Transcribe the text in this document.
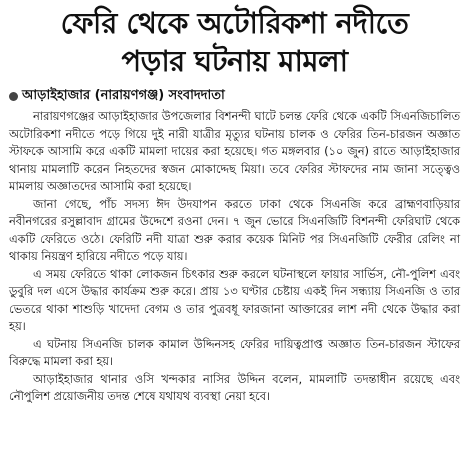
ফেরি থেকে অটোরিকশা নদীতে
পড়ার ঘটনায় মামলা
আড়াইহাজার (নারায়ণগঞ্জ) সংবাদদাতা

নারায়ণগঞ্জের আড়াইহাজার উপজেলার বিশনন্দী ঘাটে চলন্ত ফেরি থেকে একটি সিএনজিচালিত অটোরিকশা নদীতে পড়ে গিয়ে দুই নারী যাত্রীর মৃত্যুর ঘটনায় চালক ও ফেরির তিন-চারজন অজ্ঞাত স্টাফকে আসামি করে একটি মামলা দায়ের করা হয়েছে। গত মঙ্গলবার (১০ জুন) রাতে আড়াইহাজার থানায় মামলাটি করেন নিহতদের স্বজন মোকাদ্দেছ মিয়া। তবে ফেরির স্টাফদের নাম জানা সত্ত্বেও মামলায় অজ্ঞাতদের আসামি করা হয়েছে।

জানা গেছে, পাঁচ সদস্য ঈদ উদযাপন করতে ঢাকা থেকে সিএনজি করে ব্রাহ্মণবাড়িয়ার নবীনগরের রসুল্লাবাদ গ্রামের উদ্দেশে রওনা দেন। ৭ জুন ভোরে সিএনজিটি বিশনন্দী ফেরিঘাট থেকে একটি ফেরিতে ওঠে। ফেরিটি নদী যাত্রা শুরু করার কয়েক মিনিট পর সিএনজিটি ফেরীর রেলিং না থাকায় নিয়ন্ত্রণ হারিয়ে নদীতে পড়ে যায়।

এ সময় ফেরিতে থাকা লোকজন চিৎকার শুরু করলে ঘটনাস্থলে ফায়ার সার্ভিস, নৌ-পুলিশ এবং ডুবুরি দল এসে উদ্ধার কার্যক্রম শুরু করে। প্রায় ১৩ ঘণ্টার চেষ্টায় একই দিন সন্ধ্যায় সিএনজি ও তার ভেতরে থাকা শাশুড়ি খাদেদা বেগম ও তার পুত্রবধূ ফারজানা আক্তারের লাশ নদী থেকে উদ্ধার করা হয়।

এ ঘটনায় সিএনজি চালক কামাল উদ্দিনসহ ফেরির দায়িত্বপ্রাপ্ত অজ্ঞাত তিন-চারজন স্টাফের বিরুদ্ধে মামলা করা হয়।

আড়াইহাজার থানার ওসি খন্দকার নাসির উদ্দিন বলেন, মামলাটি তদন্তাধীন রয়েছে এবং নৌপুলিশ প্রয়োজনীয় তদন্ত শেষে যথাযথ ব্যবস্থা নেয়া হবে।
